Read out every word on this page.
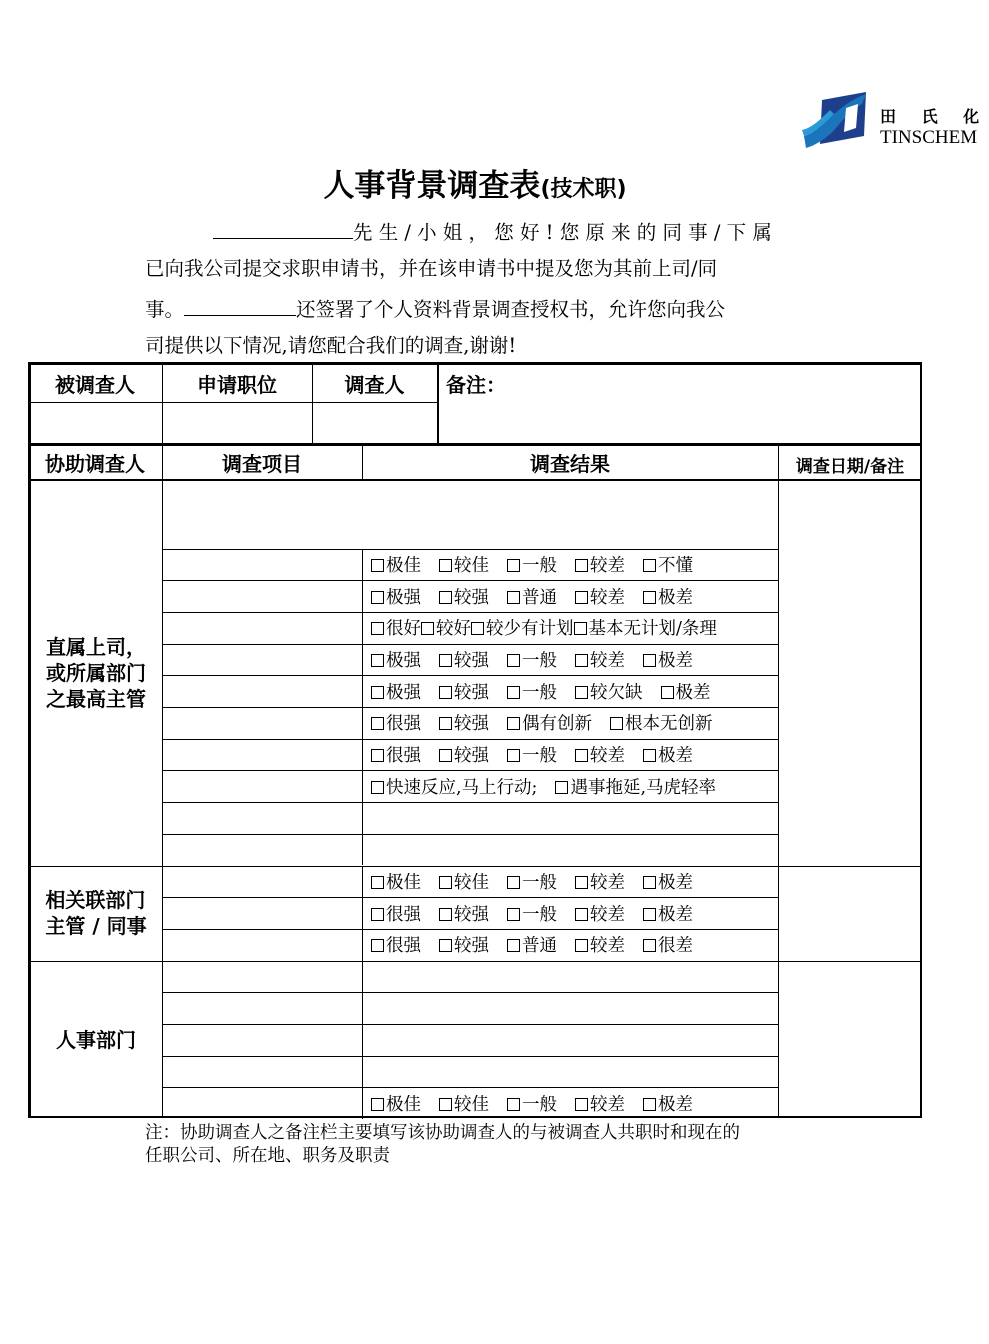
田 氏 化
TINSCHEM
人事背景调查表(技术职)
先 生 / 小 姐 ， 您 好 ! 您 原 来 的 同 事 / 下 属
已向我公司提交求职申请书，并在该申请书中提及您为其前上司/同
事。	还签署了个人资料背景调查授权书，允许您向我公
司提供以下情况,请您配合我们的调查,谢谢!
被调查人	申请职位	调查人	备注：
协助调查人	调查项目	调查结果	调查日期/备注
极佳	较佳	一般	较差	不懂
极强	较强	普通	较差	极差
很好 较好 较少有计划 基本无计划/条理
极强	较强	一般	较差	极差
极强	较强	一般	较欠缺	极差
很强	较强	偶有创新	根本无创新
很强	较强	一般	较差	极差
快速反应,马上行动;	遇事拖延,马虎轻率
直属上司，
或所属部门
之最高主管
极佳	较佳	一般	较差	极差
很强	较强	一般	较差	极差
很强	较强	普通	较差	很差
相关联部门
主管 / 同事
极佳	较佳	一般	较差	极差
人事部门
注：协助调查人之备注栏主要填写该协助调查人的与被调查人共职时和现在的
任职公司、所在地、职务及职责
